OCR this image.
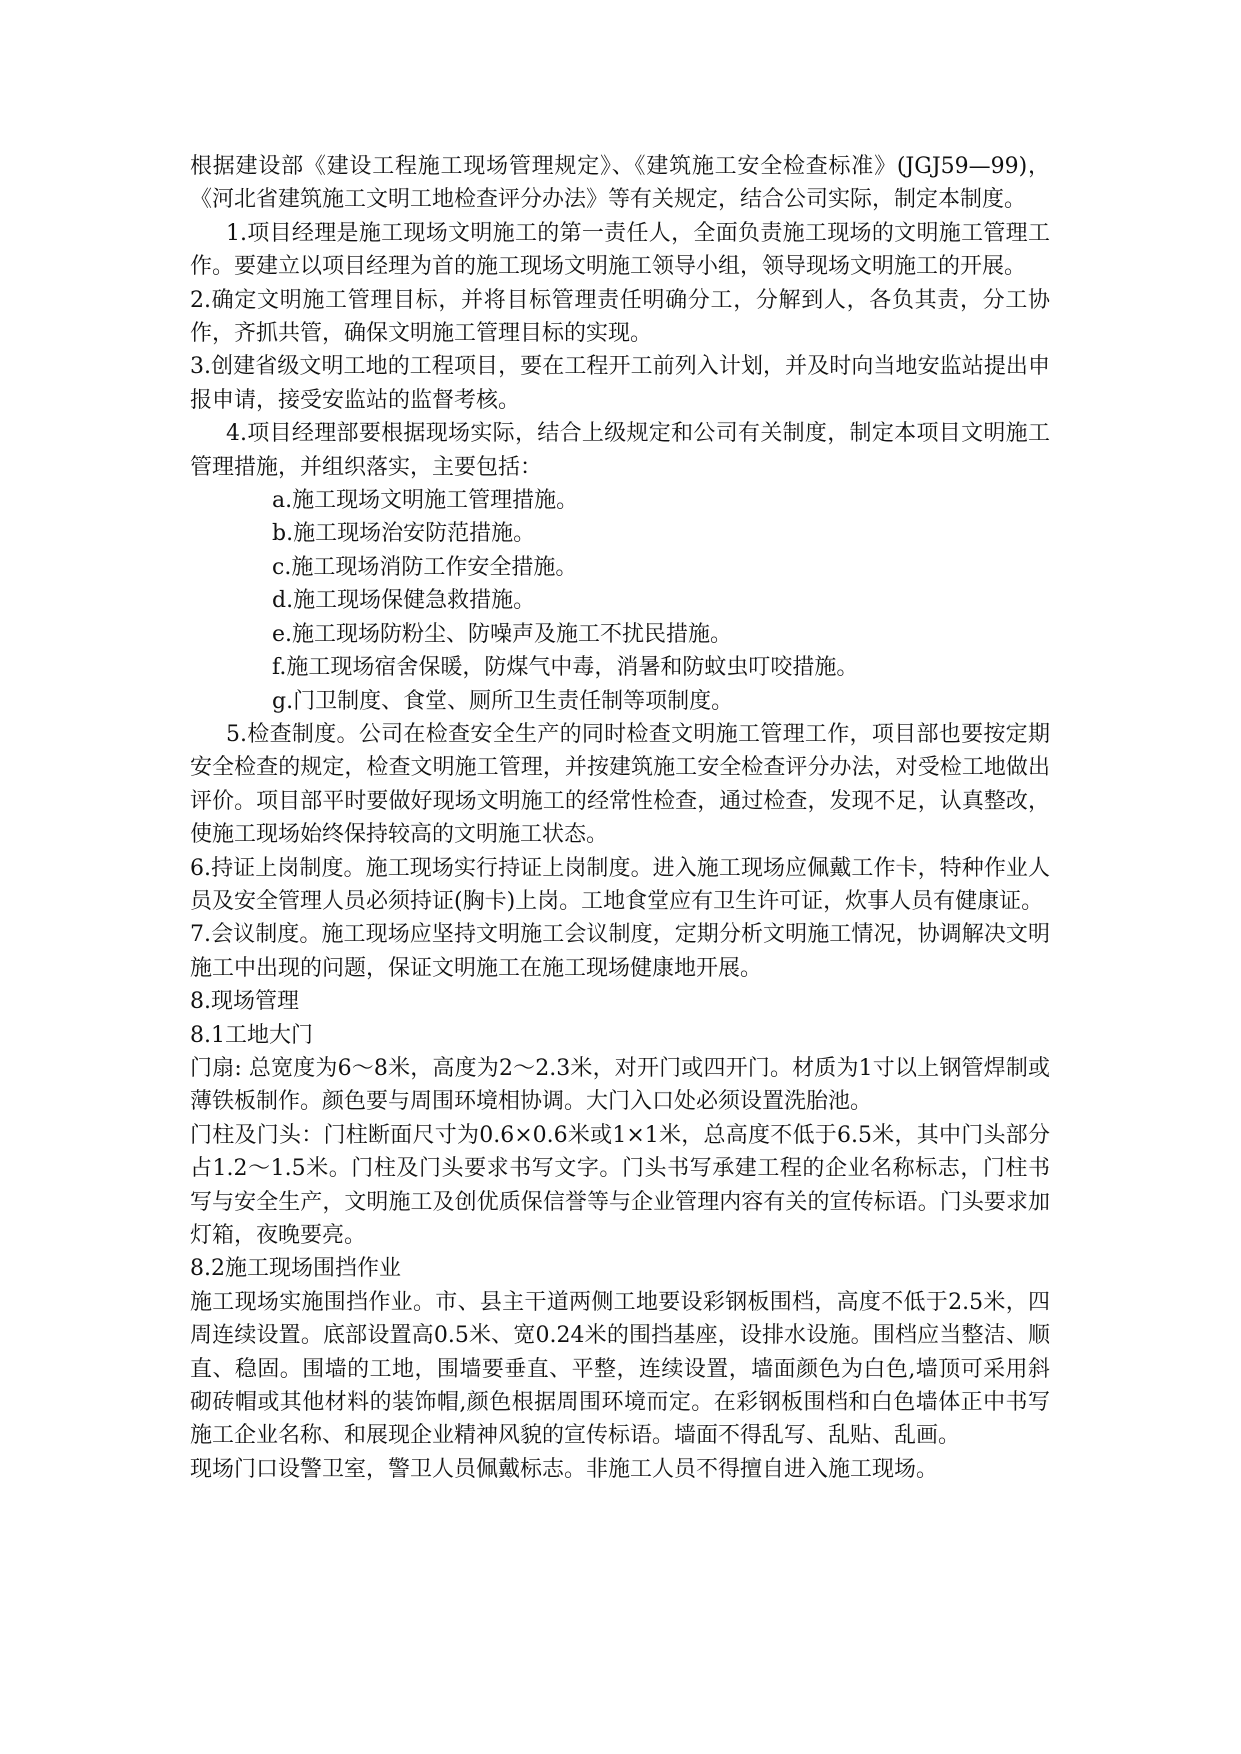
根据建设部《建设工程施工现场管理规定》、《建筑施工安全检查标准》(JGJ59—99)，《河北省建筑施工文明工地检查评分办法》等有关规定，结合公司实际，制定本制度。

1.项目经理是施工现场文明施工的第一责任人，全面负责施工现场的文明施工管理工作。要建立以项目经理为首的施工现场文明施工领导小组，领导现场文明施工的开展。

2.确定文明施工管理目标，并将目标管理责任明确分工，分解到人，各负其责，分工协作，齐抓共管，确保文明施工管理目标的实现。

3.创建省级文明工地的工程项目，要在工程开工前列入计划，并及时向当地安监站提出申报申请，接受安监站的监督考核。

4.项目经理部要根据现场实际，结合上级规定和公司有关制度，制定本项目文明施工管理措施，并组织落实，主要包括：

a.施工现场文明施工管理措施。

b.施工现场治安防范措施。

c.施工现场消防工作安全措施。

d.施工现场保健急救措施。

e.施工现场防粉尘、防噪声及施工不扰民措施。

f.施工现场宿舍保暖，防煤气中毒，消暑和防蚊虫叮咬措施。

g.门卫制度、食堂、厕所卫生责任制等项制度。

5.检查制度。公司在检查安全生产的同时检查文明施工管理工作，项目部也要按定期安全检查的规定，检查文明施工管理，并按建筑施工安全检查评分办法，对受检工地做出评价。项目部平时要做好现场文明施工的经常性检查，通过检查，发现不足，认真整改，使施工现场始终保持较高的文明施工状态。

6.持证上岗制度。施工现场实行持证上岗制度。进入施工现场应佩戴工作卡，特种作业人员及安全管理人员必须持证(胸卡)上岗。工地食堂应有卫生许可证，炊事人员有健康证。

7.会议制度。施工现场应坚持文明施工会议制度，定期分析文明施工情况，协调解决文明施工中出现的问题，保证文明施工在施工现场健康地开展。

8.现场管理

8.1工地大门

门扇: 总宽度为6～8米，高度为2～2.3米，对开门或四开门。材质为1寸以上钢管焊制或薄铁板制作。颜色要与周围环境相协调。大门入口处必须设置洗胎池。

门柱及门头：门柱断面尺寸为0.6×0.6米或1×1米，总高度不低于6.5米，其中门头部分占1.2～1.5米。门柱及门头要求书写文字。门头书写承建工程的企业名称标志，门柱书写与安全生产，文明施工及创优质保信誉等与企业管理内容有关的宣传标语。门头要求加灯箱，夜晚要亮。

8.2施工现场围挡作业

施工现场实施围挡作业。市、县主干道两侧工地要设彩钢板围档，高度不低于2.5米，四周连续设置。底部设置高0.5米、宽0.24米的围挡基座，设排水设施。围档应当整洁、顺直、稳固。围墙的工地，围墙要垂直、平整，连续设置，墙面颜色为白色,墙顶可采用斜砌砖帽或其他材料的装饰帽,颜色根据周围环境而定。在彩钢板围档和白色墙体正中书写施工企业名称、和展现企业精神风貌的宣传标语。墙面不得乱写、乱贴、乱画。

现场门口设警卫室，警卫人员佩戴标志。非施工人员不得擅自进入施工现场。
